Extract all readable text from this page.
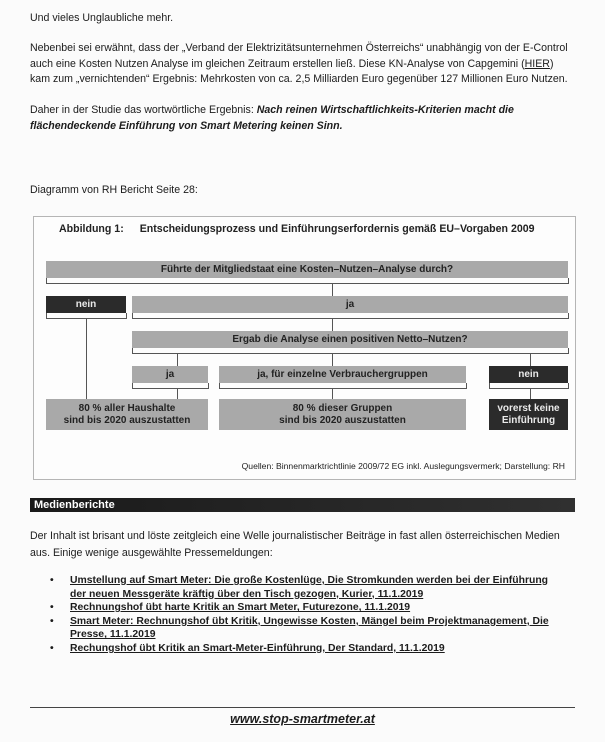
Und vieles Unglaubliche mehr.
Nebenbei sei erwähnt, dass der „Verband der Elektrizitätsunternehmen Österreichs“ unabhängig von der E-Control auch eine Kosten Nutzen Analyse im gleichen Zeitraum erstellen ließ. Diese KN-Analyse von Capgemini (HIER) kam zum „vernichtenden“ Ergebnis: Mehrkosten von ca. 2,5 Milliarden Euro gegenüber 127 Millionen Euro Nutzen.
Daher in der Studie das wortwörtliche Ergebnis: Nach reinen Wirtschaftlichkeits-Kriterien macht die flächendeckende Einführung von Smart Metering keinen Sinn.
Diagramm von RH Bericht Seite 28:
Abbildung 1: Entscheidungsprozess und Einführungserfordernis gemäß EU–Vorgaben 2009
Führte der Mitgliedstaat eine Kosten–Nutzen–Analyse durch?
nein	ja
Ergab die Analyse einen positiven Netto–Nutzen?
ja	ja, für einzelne Verbrauchergruppen	nein
80 % aller Haushalte
sind bis 2020 auszustatten
80 % dieser Gruppen
sind bis 2020 auszustatten
vorerst keine
Einführung
Quellen: Binnenmarktrichtlinie 2009/72 EG inkl. Auslegungsvermerk; Darstellung: RH
Medienberichte
Der Inhalt ist brisant und löste zeitgleich eine Welle journalistischer Beiträge in fast allen österreichischen Medien aus. Einige wenige ausgewählte Pressemeldungen:
• Umstellung auf Smart Meter: Die große Kostenlüge, Die Stromkunden werden bei der Einführung der neuen Messgeräte kräftig über den Tisch gezogen, Kurier, 11.1.2019
• Rechnungshof übt harte Kritik an Smart Meter, Futurezone, 11.1.2019
• Smart Meter: Rechnungshof übt Kritik, Ungewisse Kosten, Mängel beim Projektmanagement, Die Presse, 11.1.2019
• Rechungshof übt Kritik an Smart-Meter-Einführung, Der Standard, 11.1.2019
www.stop-smartmeter.at
